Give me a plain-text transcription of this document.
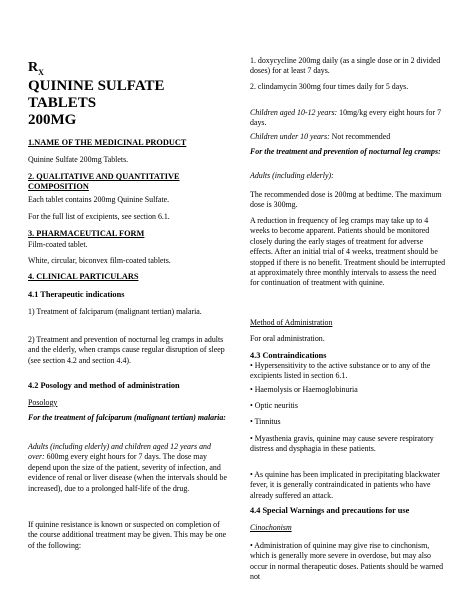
$R_X$
QUININE SULFATE
TABLETS
200MG

1.NAME OF THE MEDICINAL PRODUCT

Quinine Sulfate 200mg Tablets.

2. QUALITATIVE AND QUANTITATIVE COMPOSITION

Each tablet contains 200mg Quinine Sulfate.

For the full list of excipients, see section 6.1.

3. PHARMACEUTICAL FORM

Film-coated tablet.

White, circular, biconvex film-coated tablets.

4. CLINICAL PARTICULARS

4.1 Therapeutic indications

1) Treatment of falciparum (malignant tertian) malaria.

2) Treatment and prevention of nocturnal leg cramps in adults and the elderly, when cramps cause regular disruption of sleep (see section 4.2 and section 4.4).

4.2 Posology and method of administration

Posology

For the treatment of falciparum (malignant tertian) malaria:

Adults (including elderly) and children aged 12 years and over: 600mg every eight hours for 7 days. The dose may depend upon the size of the patient, severity of infection, and evidence of renal or liver disease (when the intervals should be increased), due to a prolonged half-life of the drug.

If quinine resistance is known or suspected on completion of the course additional treatment may be given. This may be one of the following:

1. doxycycline 200mg daily (as a single dose or in 2 divided doses) for at least 7 days.

2. clindamycin 300mg four times daily for 5 days.

Children aged 10-12 years: 10mg/kg every eight hours for 7 days.

Children under 10 years: Not recommended

For the treatment and prevention of nocturnal leg cramps:

Adults (including elderly):

The recommended dose is 200mg at bedtime. The maximum dose is 300mg.

A reduction in frequency of leg cramps may take up to 4 weeks to become apparent. Patients should be monitored closely during the early stages of treatment for adverse effects. After an initial trial of 4 weeks, treatment should be stopped if there is no benefit. Treatment should be interrupted at approximately three monthly intervals to assess the need for continuation of treatment with quinine.

Method of Administration

For oral administration.

4.3 Contraindications

• Hypersensitivity to the active substance or to any of the excipients listed in section 6.1.

• Haemolysis or Haemoglobinuria

• Optic neuritis

• Tinnitus

• Myasthenia gravis, quinine may cause severe respiratory distress and dysphagia in these patients.

• As quinine has been implicated in precipitating blackwater fever, it is generally contraindicated in patients who have already suffered an attack.

4.4 Special Warnings and precautions for use

Cinochonism

• Administration of quinine may give rise to cinchonism, which is generally more severe in overdose, but may also occur in normal therapeutic doses. Patients should be warned not
